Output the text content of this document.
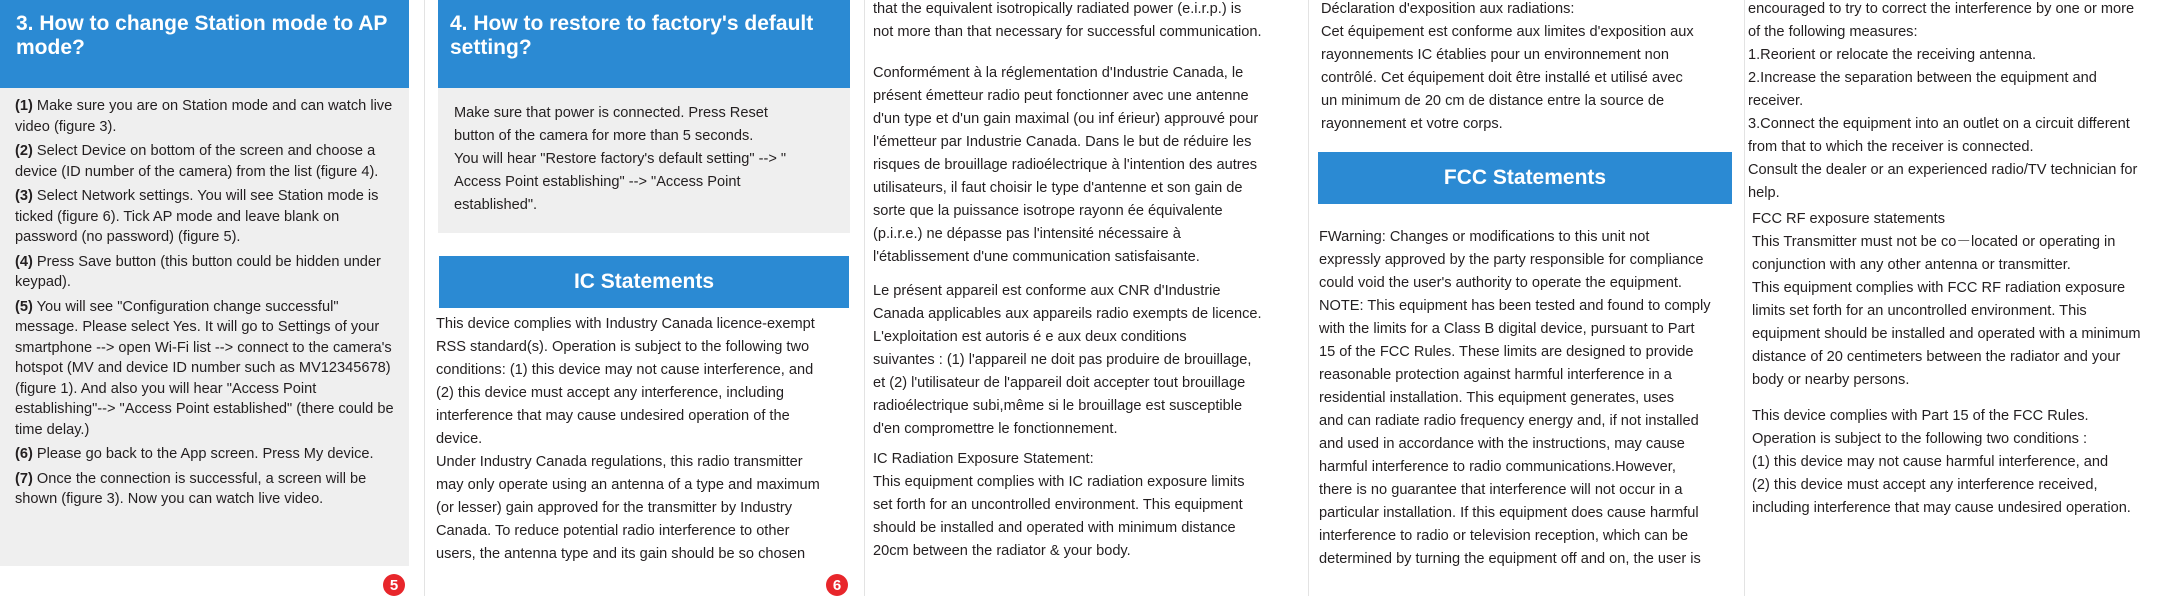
3. How to change Station mode to AP mode?

(1) Make sure you are on Station mode and can watch live video (figure 3).

(2) Select Device on bottom of the screen and choose a device (ID number of the camera) from the list (figure 4).

(3) Select Network settings. You will see Station mode is ticked (figure 6). Tick AP mode and leave blank on password (no password) (figure 5).

(4) Press Save button (this button could be hidden under keypad).

(5) You will see "Configuration change successful" message. Please select Yes. It will go to Settings of your smartphone --> open Wi-Fi list --> connect to the camera's hotspot (MV and device ID number such as MV12345678) (figure 1). And also you will hear "Access Point establishing"--> "Access Point established" (there could be time delay.)

(6) Please go back to the App screen. Press My device.

(7) Once the connection is successful, a screen will be shown (figure 3). Now you can watch live video.

5
4. How to restore to factory's default setting?

Make sure that power is connected. Press Reset

button of the camera for more than 5 seconds.

You will hear "Restore factory's default setting" --> "

Access Point establishing" --> "Access Point

established".

IC Statements

This device complies with Industry Canada licence-exempt

RSS standard(s). Operation is subject to the following two

conditions: (1) this device may not cause interference, and

(2) this device must accept any interference, including

interference that may cause undesired operation of the

device.

Under Industry Canada regulations, this radio transmitter

may only operate using an antenna of a type and maximum

(or lesser) gain approved for the transmitter by Industry

Canada. To reduce potential radio interference to other

users, the antenna type and its gain should be so chosen

6

that the equivalent isotropically radiated power (e.i.r.p.) is

not more than that necessary for successful communication.

Conformément à la réglementation d'Industrie Canada, le

présent émetteur radio peut fonctionner avec une antenne

d'un type et d'un gain maximal (ou inf érieur) approuvé pour

l'émetteur par Industrie Canada. Dans le but de réduire les

risques de brouillage radioélectrique à l'intention des autres

utilisateurs, il faut choisir le type d'antenne et son gain de

sorte que la puissance isotrope rayonn ée équivalente

(p.i.r.e.) ne dépasse pas l'intensité nécessaire à

l'établissement d'une communication satisfaisante.

Le présent appareil est conforme aux CNR d'Industrie

Canada applicables aux appareils radio exempts de licence.

L'exploitation est autoris é e aux deux conditions

suivantes : (1) l'appareil ne doit pas produire de brouillage,

et (2) l'utilisateur de l'appareil doit accepter tout brouillage

radioélectrique subi,même si le brouillage est susceptible

d'en compromettre le fonctionnement.

IC Radiation Exposure Statement:

This equipment complies with IC radiation exposure limits

set forth for an uncontrolled environment. This equipment

should be installed and operated with minimum distance

20cm between the radiator & your body.

Déclaration d'exposition aux radiations:

Cet équipement est conforme aux limites d'exposition aux

rayonnements IC établies pour un environnement non

contrôlé. Cet équipement doit être installé et utilisé avec

un minimum de 20 cm de distance entre la source de

rayonnement et votre corps.

FCC Statements

FWarning: Changes or modifications to this unit not

expressly approved by the party responsible for compliance

could void the user's authority to operate the equipment.

NOTE: This equipment has been tested and found to comply

with the limits for a Class B digital device, pursuant to Part

15 of the FCC Rules. These limits are designed to provide

reasonable protection against harmful interference in a

residential installation. This equipment generates, uses

and can radiate radio frequency energy and, if not installed

and used in accordance with the instructions, may cause

harmful interference to radio communications.However,

there is no guarantee that interference will not occur in a

particular installation. If this equipment does cause harmful

interference to radio or television reception, which can be

determined by turning the equipment off and on, the user is

encouraged to try to correct the interference by one or more

of the following measures:

1.Reorient or relocate the receiving antenna.

2.Increase the separation between the equipment and

receiver.

3.Connect the equipment into an outlet on a circuit different

from that to which the receiver is connected.

Consult the dealer or an experienced radio/TV technician for

help.

FCC RF exposure statements

This Transmitter must not be co－located or operating in

conjunction with any other antenna or transmitter.

This equipment complies with FCC RF radiation exposure

limits set forth for an uncontrolled environment. This

equipment should be installed and operated with a minimum

distance of 20 centimeters between the radiator and your

body or nearby persons.

This device complies with Part 15 of the FCC Rules.

Operation is subject to the following two conditions :

(1) this device may not cause harmful interference, and

(2) this device must accept any interference received,

including interference that may cause undesired operation.
